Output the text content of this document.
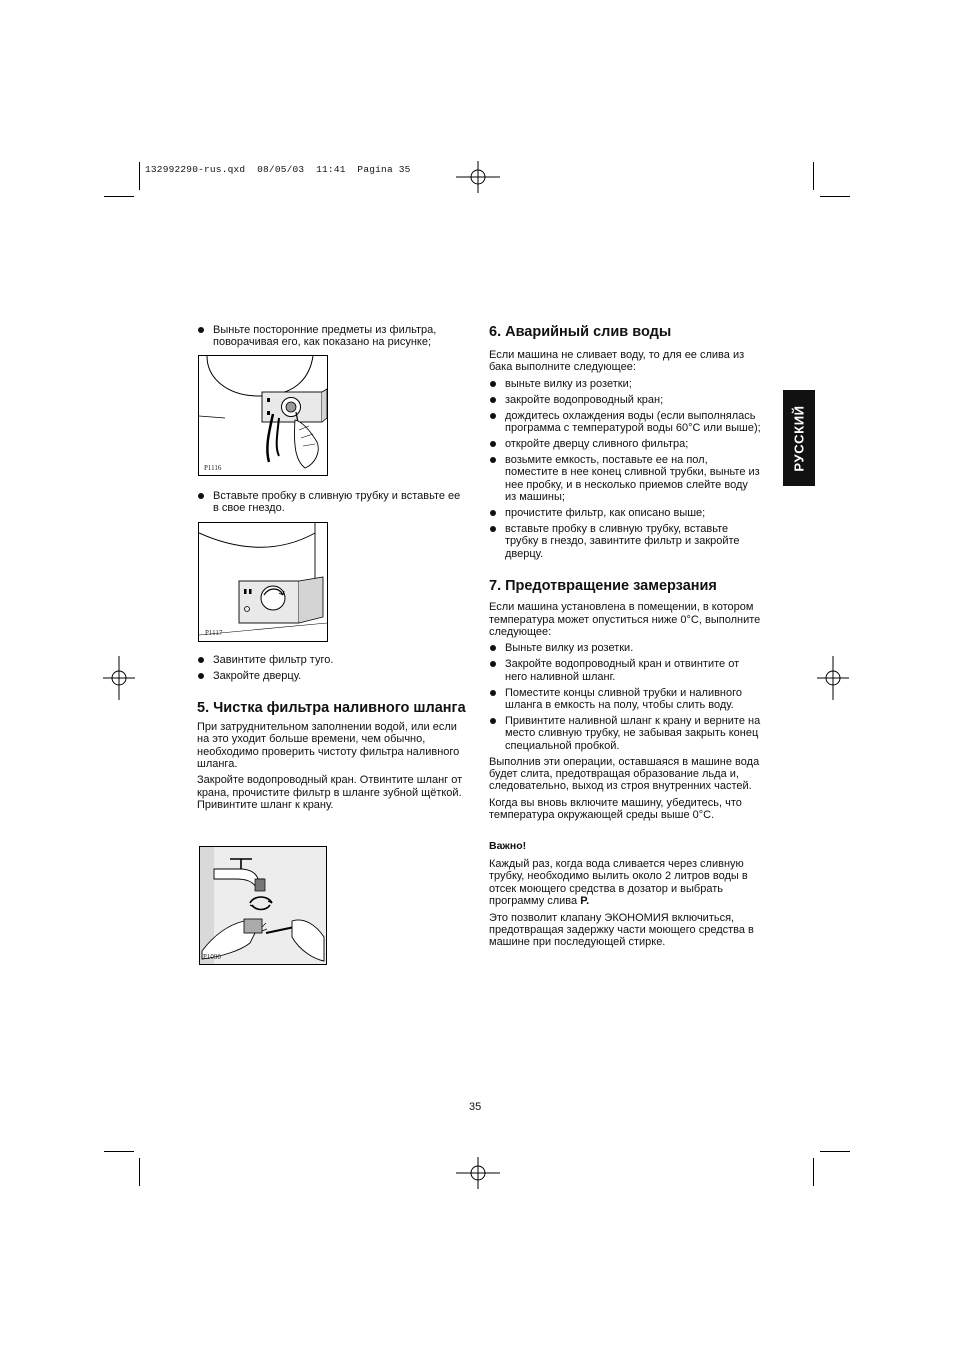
132992290-rus.qxd  08/05/03  11:41  Pagina 35
РУССКИЙ
Выньте посторонние предметы из фильтра, поворачивая его, как показано на рисунке;
P1116
Вставьте пробку в сливную трубку и вставьте ее в свое гнездо.
P1117
Завинтите фильтр туго.
Закройте дверцу.
5. Чистка фильтра наливного шланга

При затруднительном заполнении водой, или если на это уходит больше времени, чем обычно, необходимо проверить чистоту фильтра наливного шланга.

Закройте водопроводный кран. Отвинтите шланг от крана, прочистите фильтр в шланге зубной щёткой. Привинтите шланг к крану.

P1090
6. Аварийный слив воды

Если машина не сливает воду, то для ее слива из бака выполните следующее:

выньте вилку из розетки;
закройте водопроводный кран;
дождитесь охлаждения воды (если выполнялась программа с температурой воды 60°C или выше);
откройте дверцу сливного фильтра;
возьмите емкость, поставьте ее на пол, поместите в нее конец сливной трубки, выньте из нее пробку, и в несколько приемов слейте воду из машины;
прочистите фильтр, как описано выше;
вставьте пробку в сливную трубку, вставьте трубку в гнездо, завинтите фильтр и закройте дверцу.
7. Предотвращение замерзания

Если машина установлена в помещении, в котором температура может опуститься ниже 0°C, выполните следующее:

Выньте вилку из розетки.
Закройте водопроводный кран и отвинтите от него наливной шланг.
Поместите концы сливной трубки и наливного шланга в емкость на полу, чтобы слить воду.
Привинтите наливной шланг к крану и верните на место сливную трубку, не забывая закрыть конец специальной пробкой.

Выполнив эти операции, оставшаяся в машине вода будет слита, предотвращая образование льда и, следовательно, выход из строя внутренних частей.

Когда вы вновь включите машину, убедитесь, что температура окружающей среды выше 0°C.

Важно!

Каждый раз, когда вода сливается через сливную трубку, необходимо вылить около 2 литров воды в отсек моющего средства в дозатор и выбрать программу слива P.

Это позволит клапану ЭКОНОМИЯ включиться, предотвращая задержку части моющего средства в машине при последующей стирке.

35
